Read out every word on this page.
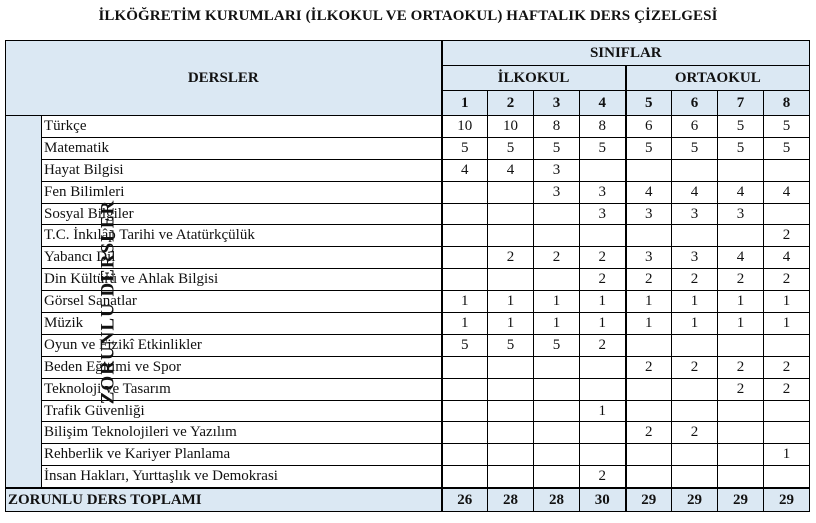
İLKÖĞRETİM KURUMLARI (İLKOKUL VE ORTAOKUL) HAFTALIK DERS ÇİZELGESİ
DERSLER		SINIFLAR							
		İLKOKUL				ORTAOKUL			
		1	2	3	4	5	6	7	8
ZORUNLU DERSLER	Türkçe	10	10	8	8	6	6	5	5
	Matematik	5	5	5	5	5	5	5	5
	Hayat Bilgisi	4	4	3					
	Fen Bilimleri			3	3	4	4	4	4
	Sosyal Bilgiler				3	3	3	3	
	T.C. İnkılâp Tarihi ve Atatürkçülük								2
	Yabancı Dil		2	2	2	3	3	4	4
	Din Kültürü ve Ahlak Bilgisi				2	2	2	2	2
	Görsel Sanatlar	1	1	1	1	1	1	1	1
	Müzik	1	1	1	1	1	1	1	1
	Oyun ve Fizikî Etkinlikler	5	5	5	2				
	Beden Eğitimi ve Spor					2	2	2	2
	Teknoloji ve Tasarım							2	2
	Trafik Güvenliği				1				
	Bilişim Teknolojileri ve Yazılım					2	2		
	Rehberlik ve Kariyer Planlama								1
	İnsan Hakları, Yurttaşlık ve Demokrasi				2				
ZORUNLU DERS TOPLAMI		26	28	28	30	29	29	29	29
